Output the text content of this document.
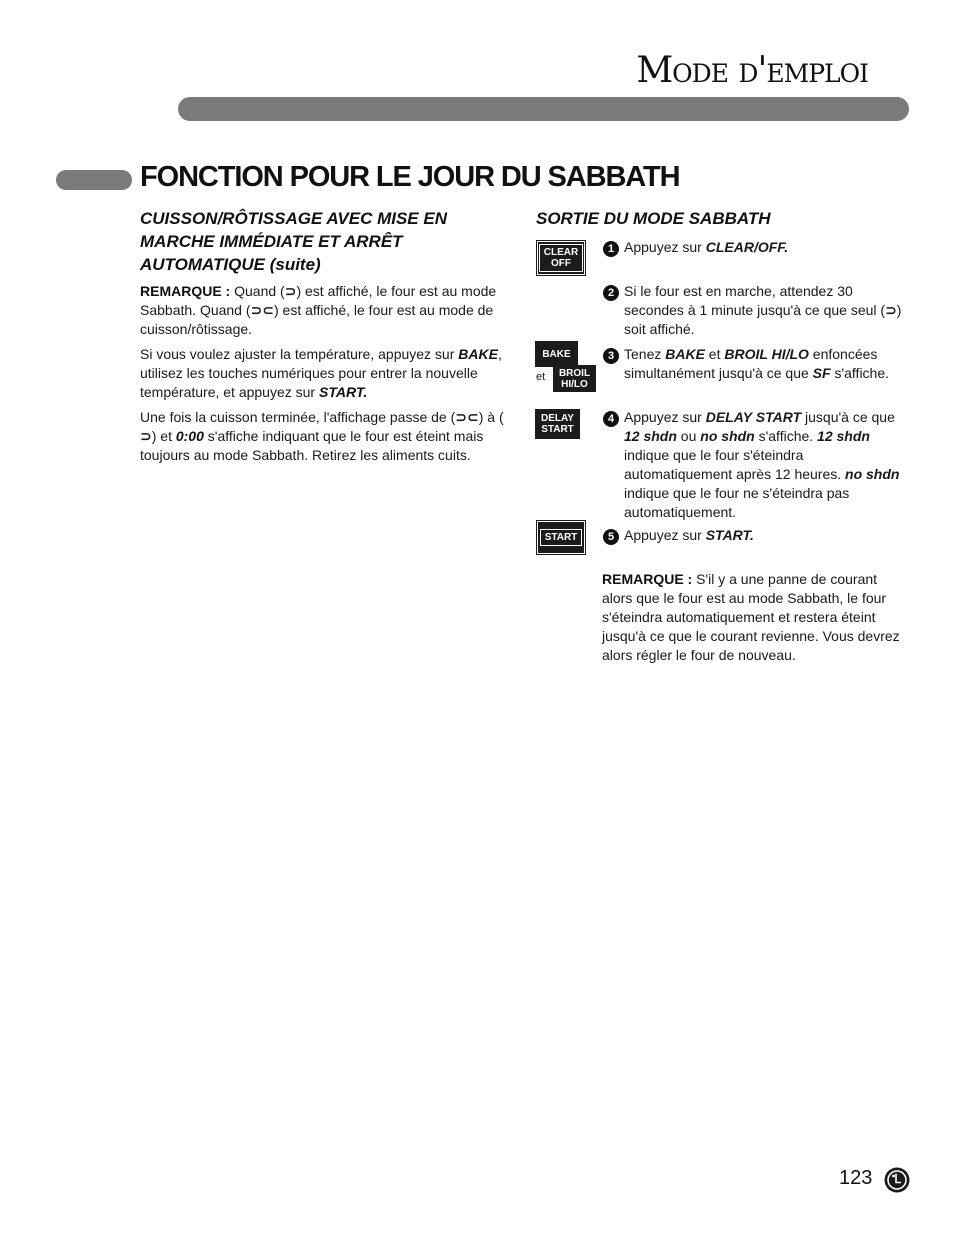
Mode d'emploi
FONCTION POUR LE JOUR DU SABBATH
CUISSON/RÔTISSAGE AVEC MISE EN MARCHE IMMÉDIATE ET ARRÊT AUTOMATIQUE (suite)
REMARQUE : Quand (⊃) est affiché, le four est au mode Sabbath. Quand (⊃⊂) est affiché, le four est au mode de cuisson/rôtissage.
Si vous voulez ajuster la température, appuyez sur BAKE, utilisez les touches numériques pour entrer la nouvelle température, et appuyez sur START.
Une fois la cuisson terminée, l'affichage passe de (⊃⊂) à (⊃) et 0:00 s'affiche indiquant que le four est éteint mais toujours au mode Sabbath. Retirez les aliments cuits.
SORTIE DU MODE SABBATH
CLEAR
OFF
BAKE
et BROIL
HI/LO
DELAY
START
START
1 Appuyez sur CLEAR/OFF.
2 Si le four est en marche, attendez 30 secondes à 1 minute jusqu'à ce que seul (⊃) soit affiché.
3 Tenez BAKE et BROIL HI/LO enfoncées simultanément jusqu'à ce que SF s'affiche.
4 Appuyez sur DELAY START jusqu'à ce que 12 shdn ou no shdn s'affiche. 12 shdn indique que le four s'éteindra automatiquement après 12 heures. no shdn indique que le four ne s'éteindra pas automatiquement.
5 Appuyez sur START.
REMARQUE : S'il y a une panne de courant alors que le four est au mode Sabbath, le four s'éteindra automatiquement et restera éteint jusqu'à ce que le courant revienne. Vous devrez alors régler le four de nouveau.
123
